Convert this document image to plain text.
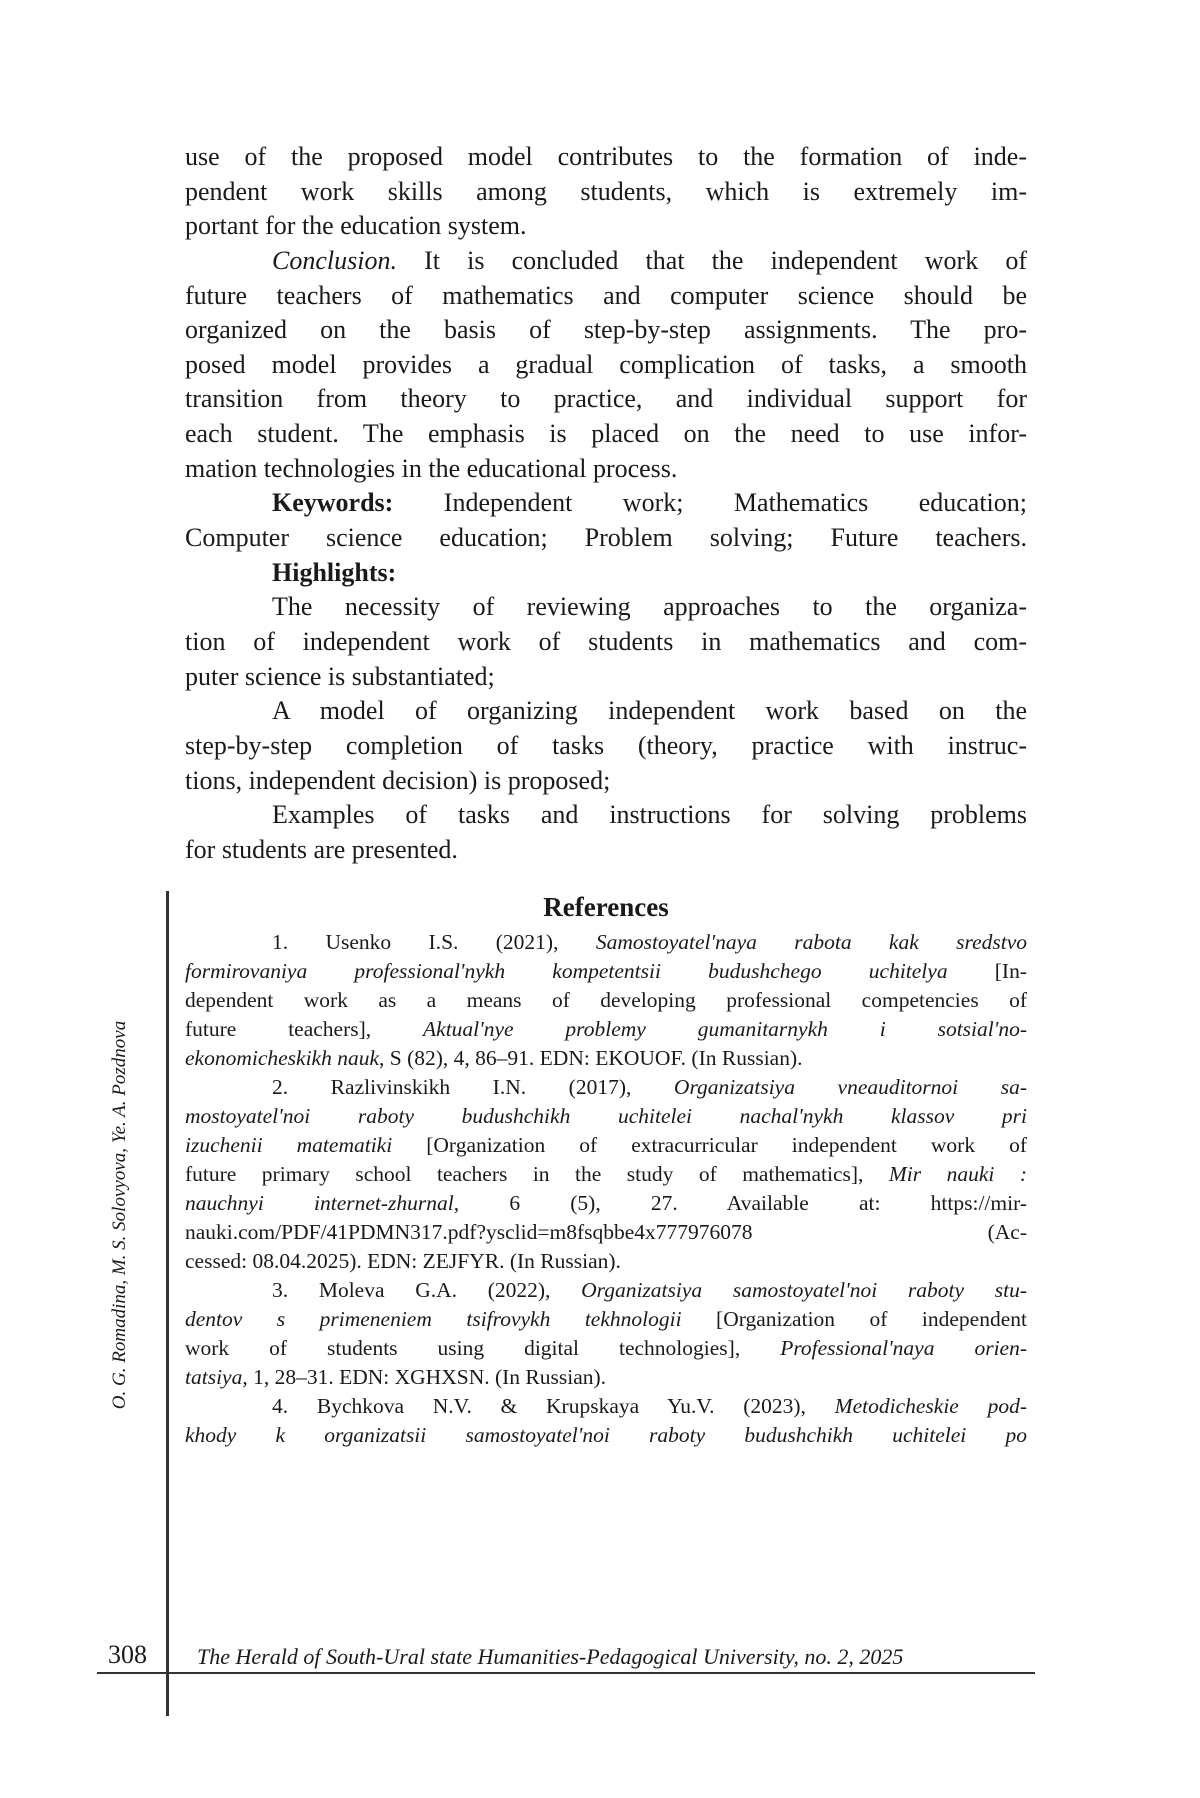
use of the proposed model contributes to the formation of inde-
pendent work skills among students, which is extremely im-
portant for the education system.
Conclusion. It is concluded that the independent work of
future teachers of mathematics and computer science should be
organized on the basis of step-by-step assignments. The pro-
posed model provides a gradual complication of tasks, a smooth
transition from theory to practice, and individual support for
each student. The emphasis is placed on the need to use infor-
mation technologies in the educational process.
Keywords: Independent work; Mathematics education;
Computer science education; Problem solving; Future teachers.
Highlights:
The necessity of reviewing approaches to the organiza-
tion of independent work of students in mathematics and com-
puter science is substantiated;
A model of organizing independent work based on the
step-by-step completion of tasks (theory, practice with instruc-
tions, independent decision) is proposed;
Examples of tasks and instructions for solving problems
for students are presented.
References
1. Usenko I.S. (2021), Samostoyatel'naya rabota kak sredstvo
formirovaniya professional'nykh kompetentsii budushchego uchitelya [In-
dependent work as a means of developing professional competencies of
future teachers], Aktual'nye problemy gumanitarnykh i sotsial'no-
ekonomicheskikh nauk, S (82), 4, 86–91. EDN: EKOUOF. (In Russian).
2. Razlivinskikh I.N. (2017), Organizatsiya vneauditornoi sa-
mostoyatel'noi raboty budushchikh uchitelei nachal'nykh klassov pri
izuchenii matematiki [Organization of extracurricular independent work of
future primary school teachers in the study of mathematics], Mir nauki :
nauchnyi internet-zhurnal, 6 (5), 27. Available at: https://mir-
nauki.com/PDF/41PDMN317.pdf?ysclid=m8fsqbbe4x777976078 (Ac-
cessed: 08.04.2025). EDN: ZEJFYR. (In Russian).
3. Moleva G.A. (2022), Organizatsiya samostoyatel'noi raboty stu-
dentov s primeneniem tsifrovykh tekhnologii [Organization of independent
work of students using digital technologies], Professional'naya orien-
tatsiya, 1, 28–31. EDN: XGHXSN. (In Russian).
4. Bychkova N.V. & Krupskaya Yu.V. (2023), Metodicheskie pod-
khody k organizatsii samostoyatel'noi raboty budushchikh uchitelei po
O. G. Romadina, M. S. Solovyova, Ye. A. Pozdnova
308 The Herald of South-Ural state Humanities-Pedagogical University, no. 2, 2025
